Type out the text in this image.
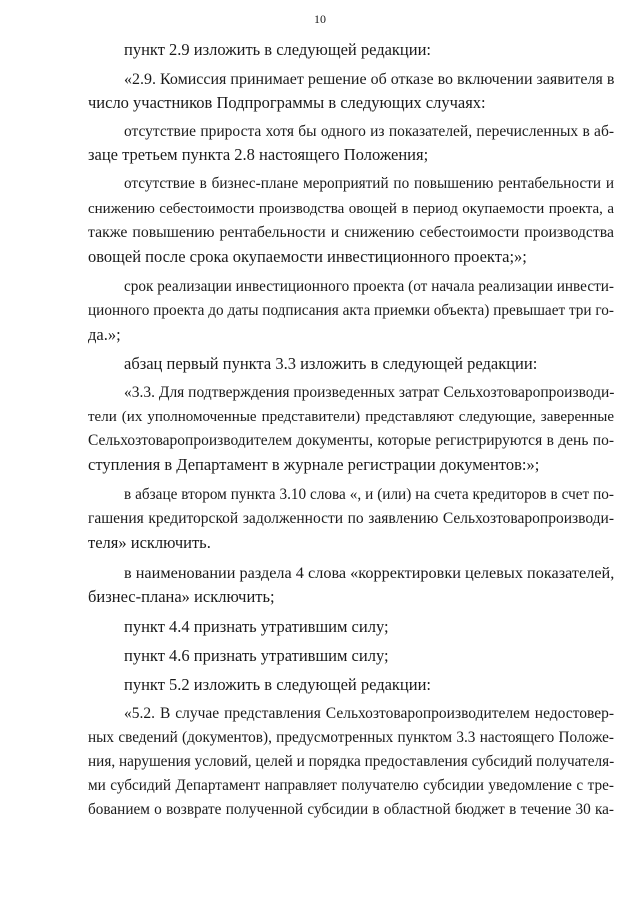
10
пункт 2.9 изложить в следующей редакции:
«2.9. Комиссия принимает решение об отказе во включении заявителя в
число участников Подпрограммы в следующих случаях:
отсутствие прироста хотя бы одного из показателей, перечисленных в аб-
заце третьем пункта 2.8 настоящего Положения;
отсутствие в бизнес-плане мероприятий по повышению рентабельности и
снижению себестоимости производства овощей в период окупаемости проекта, а
также повышению рентабельности и снижению себестоимости производства
овощей после срока окупаемости инвестиционного проекта;»;
срок реализации инвестиционного проекта (от начала реализации инвести-
ционного проекта до даты подписания акта приемки объекта) превышает три го-
да.»;
абзац первый пункта 3.3 изложить в следующей редакции:
«3.3. Для подтверждения произведенных затрат Сельхозтоваропроизводи-
тели (их уполномоченные представители) представляют следующие, заверенные
Сельхозтоваропроизводителем документы, которые регистрируются в день по-
ступления в Департамент в журнале регистрации документов:»;
в абзаце втором пункта 3.10 слова «, и (или) на счета кредиторов в счет по-
гашения кредиторской задолженности по заявлению Сельхозтоваропроизводи-
теля» исключить.
в наименовании раздела 4 слова «корректировки целевых показателей,
бизнес-плана» исключить;
пункт 4.4 признать утратившим силу;
пункт 4.6 признать утратившим силу;
пункт 5.2 изложить в следующей редакции:
«5.2. В случае представления Сельхозтоваропроизводителем недостовер-
ных сведений (документов), предусмотренных пунктом 3.3 настоящего Положе-
ния, нарушения условий, целей и порядка предоставления субсидий получателя-
ми субсидий Департамент направляет получателю субсидии уведомление с тре-
бованием о возврате полученной субсидии в областной бюджет в течение 30 ка-
